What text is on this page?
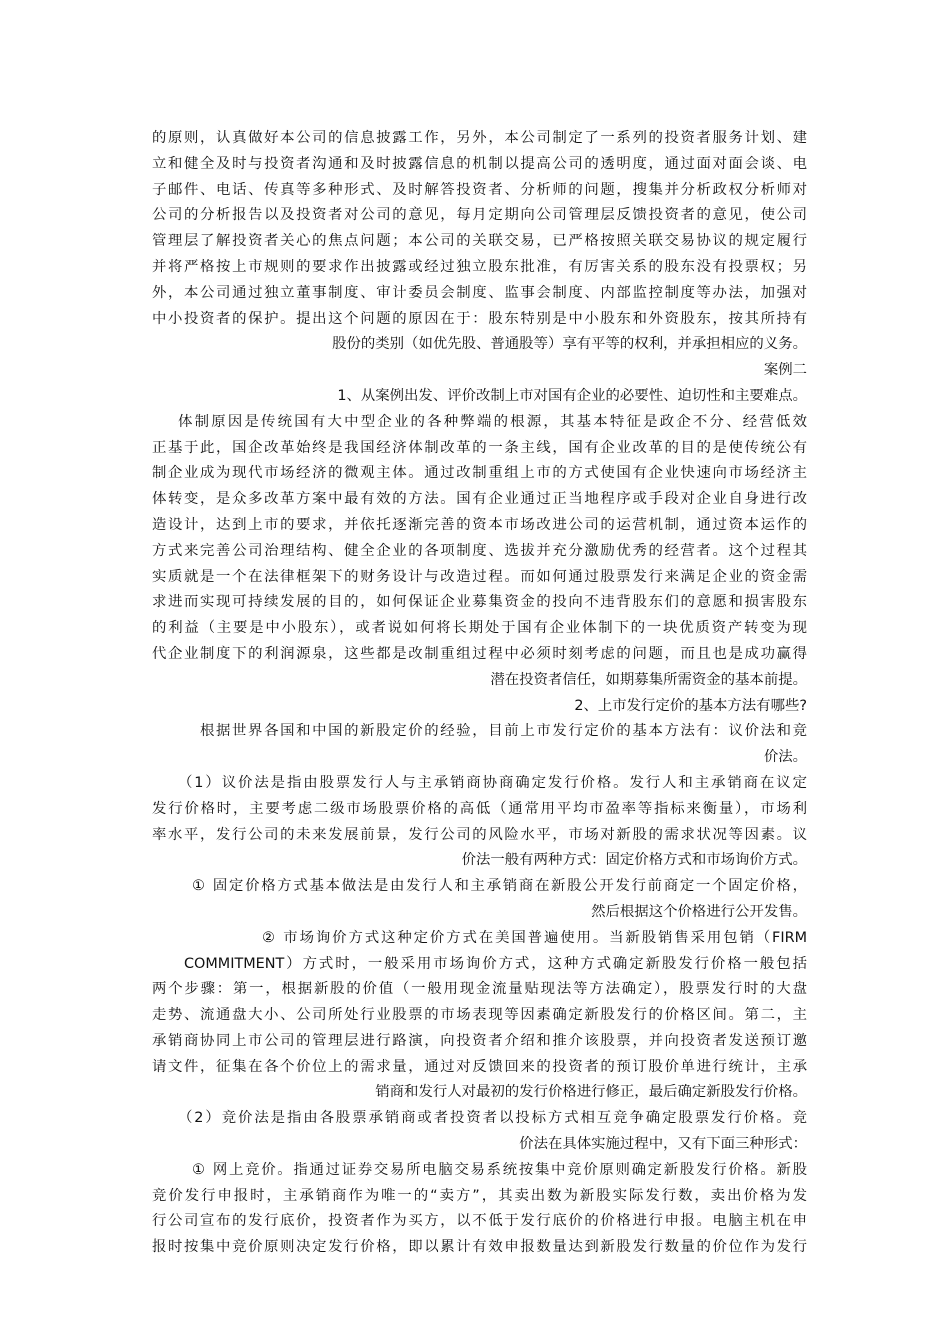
的原则，认真做好本公司的信息披露工作，另外，本公司制定了一系列的投资者服务计划、建
立和健全及时与投资者沟通和及时披露信息的机制以提高公司的透明度，通过面对面会谈、电
子邮件、电话、传真等多种形式、及时解答投资者、分析师的问题，搜集并分析政权分析师对
公司的分析报告以及投资者对公司的意见，每月定期向公司管理层反馈投资者的意见，使公司
管理层了解投资者关心的焦点问题；本公司的关联交易，已严格按照关联交易协议的规定履行
并将严格按上市规则的要求作出披露或经过独立股东批准，有厉害关系的股东没有投票权；另
外，本公司通过独立董事制度、审计委员会制度、监事会制度、内部监控制度等办法，加强对
中小投资者的保护。提出这个问题的原因在于：股东特别是中小股东和外资股东，按其所持有
股份的类别（如优先股、普通股等）享有平等的权利，并承担相应的义务。
案例二
1、从案例出发、评价改制上市对国有企业的必要性、迫切性和主要难点。
体制原因是传统国有大中型企业的各种弊端的根源，其基本特征是政企不分、经营低效
正基于此，国企改革始终是我国经济体制改革的一条主线，国有企业改革的目的是使传统公有
制企业成为现代市场经济的微观主体。通过改制重组上市的方式使国有企业快速向市场经济主
体转变，是众多改革方案中最有效的方法。国有企业通过正当地程序或手段对企业自身进行改
造设计，达到上市的要求，并依托逐渐完善的资本市场改进公司的运营机制，通过资本运作的
方式来完善公司治理结构、健全企业的各项制度、选拔并充分激励优秀的经营者。这个过程其
实质就是一个在法律框架下的财务设计与改造过程。而如何通过股票发行来满足企业的资金需
求进而实现可持续发展的目的，如何保证企业募集资金的投向不违背股东们的意愿和损害股东
的利益（主要是中小股东），或者说如何将长期处于国有企业体制下的一块优质资产转变为现
代企业制度下的利润源泉，这些都是改制重组过程中必须时刻考虑的问题，而且也是成功赢得
潜在投资者信任，如期募集所需资金的基本前提。
2、上市发行定价的基本方法有哪些?
根据世界各国和中国的新股定价的经验，目前上市发行定价的基本方法有：议价法和竞
价法。
（1）议价法是指由股票发行人与主承销商协商确定发行价格。发行人和主承销商在议定
发行价格时，主要考虑二级市场股票价格的高低（通常用平均市盈率等指标来衡量），市场利
率水平，发行公司的未来发展前景，发行公司的风险水平，市场对新股的需求状况等因素。议
价法一般有两种方式：固定价格方式和市场询价方式。
① 固定价格方式基本做法是由发行人和主承销商在新股公开发行前商定一个固定价格，
然后根据这个价格进行公开发售。
② 市场询价方式这种定价方式在美国普遍使用。当新股销售采用包销（FIRM
COMMITMENT）方式时，一般采用市场询价方式，这种方式确定新股发行价格一般包括
两个步骤：第一，根据新股的价值（一般用现金流量贴现法等方法确定），股票发行时的大盘
走势、流通盘大小、公司所处行业股票的市场表现等因素确定新股发行的价格区间。第二，主
承销商协同上市公司的管理层进行路演，向投资者介绍和推介该股票，并向投资者发送预订邀
请文件，征集在各个价位上的需求量，通过对反馈回来的投资者的预订股价单进行统计，主承
销商和发行人对最初的发行价格进行修正，最后确定新股发行价格。
（2）竞价法是指由各股票承销商或者投资者以投标方式相互竞争确定股票发行价格。竞
价法在具体实施过程中，又有下面三种形式：
① 网上竞价。指通过证券交易所电脑交易系统按集中竞价原则确定新股发行价格。新股
竞价发行申报时，主承销商作为唯一的“卖方”，其卖出数为新股实际发行数，卖出价格为发
行公司宣布的发行底价，投资者作为买方，以不低于发行底价的价格进行申报。电脑主机在申
报时按集中竞价原则决定发行价格，即以累计有效申报数量达到新股发行数量的价位作为发行
